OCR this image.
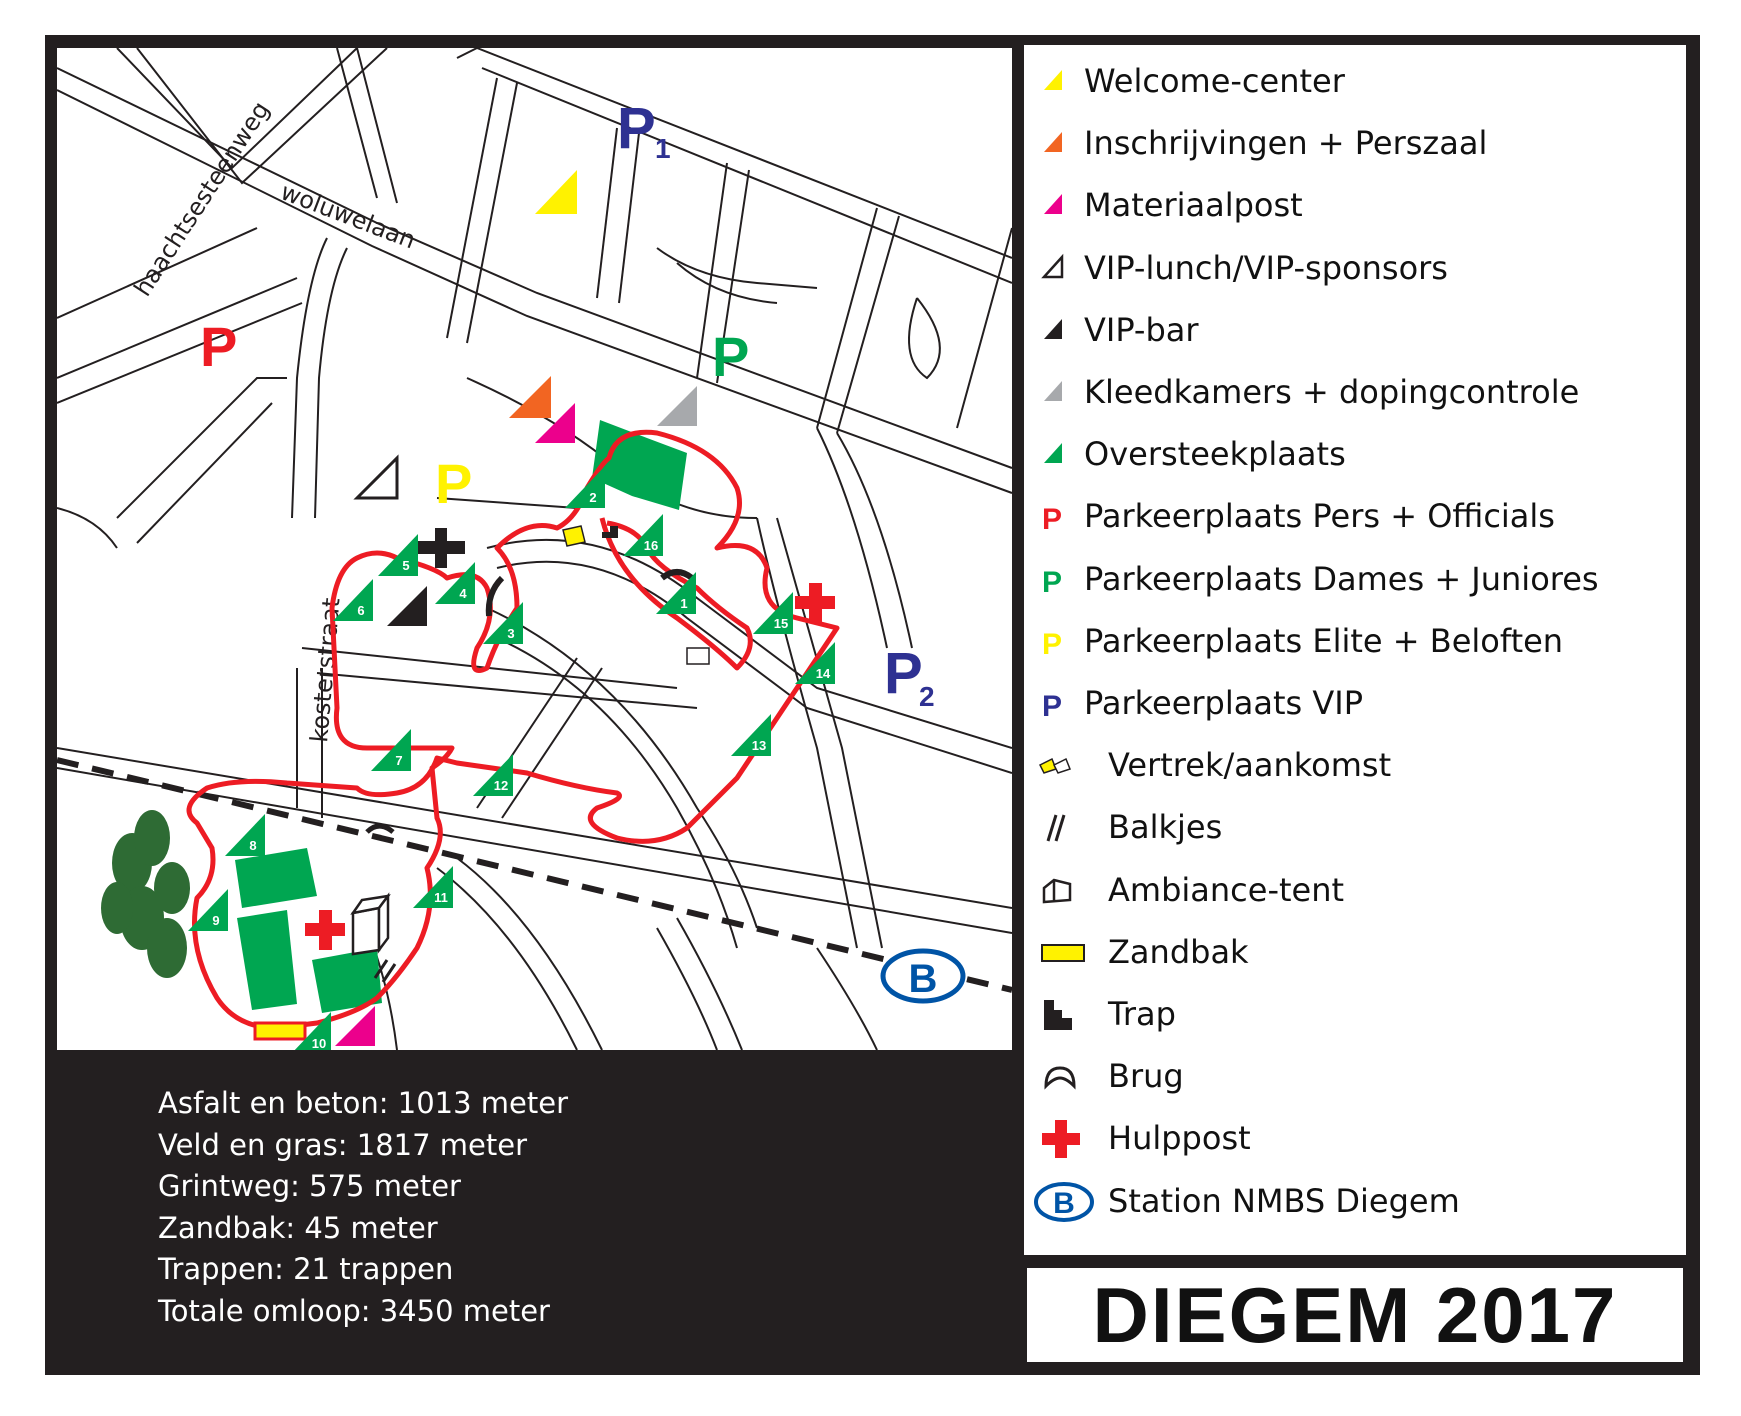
haachtsesteenweg woluwelaan
kosterstraat
P 1
P
2
P	P
P
B
1
2
3
4
5
6
7
8
9
10
11
12
13
14
15
16
Welcome-center
Inschrijvingen + Perszaal
Materiaalpost
VIP-lunch/VIP-sponsors
VIP-bar
Kleedkamers + dopingcontrole
Oversteekplaats
P Parkeerplaats Pers + Officials
P Parkeerplaats Dames + Juniores
P Parkeerplaats Elite + Beloften
P Parkeerplaats VIP
Vertrek/aankomst
Balkjes
Ambiance-tent
Zandbak
Trap
Brug
Hulppost
B Station NMBS Diegem
DIEGEM 2017
Asfalt en beton: 1013 meter
Veld en gras: 1817 meter
Grintweg: 575 meter
Zandbak: 45 meter
Trappen: 21 trappen
Totale omloop: 3450 meter
